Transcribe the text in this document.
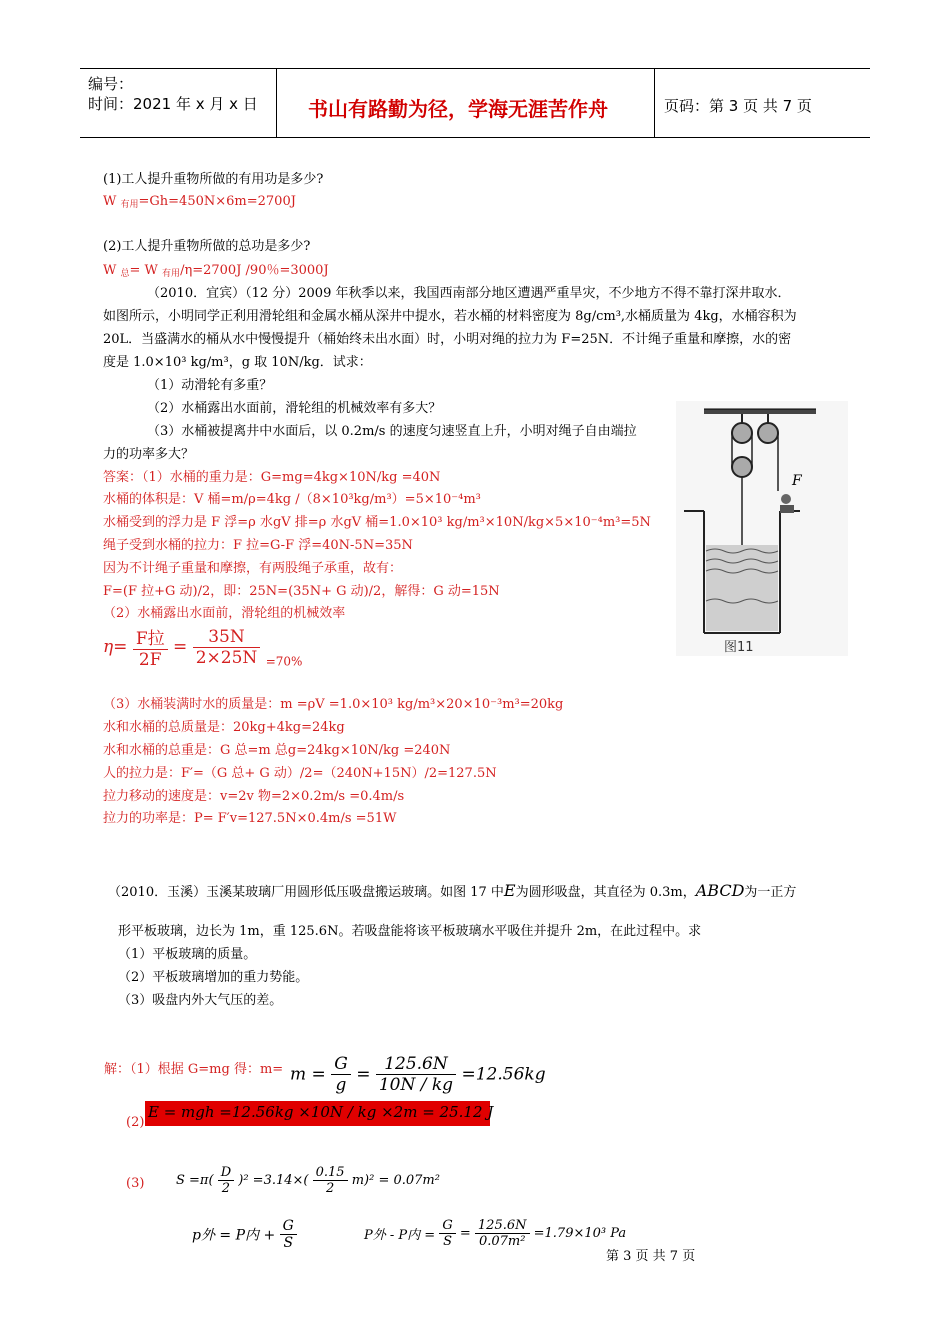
编号：
时间：2021 年 x 月 x 日	书山有路勤为径，学海无涯苦作舟	页码：第 3 页 共 7 页
(1)工人提升重物所做的有用功是多少?
W 有用=Gh=450N×6m=2700J
(2)工人提升重物所做的总功是多少?
W 总= W 有用/η=2700J /90％=3000J
（2010．宜宾）（12 分）2009 年秋季以来，我国西南部分地区遭遇严重旱灾，不少地方不得不靠打深井取水．
如图所示，小明同学正利用滑轮组和金属水桶从深井中提水，若水桶的材料密度为 8g/cm³,水桶质量为 4kg，水桶容积为
20L．当盛满水的桶从水中慢慢提升（桶始终未出水面）时，小明对绳的拉力为 F=25N．不计绳子重量和摩擦，水的密
度是 1.0×10³ kg/m³，g 取 10N/kg．试求：
（1）动滑轮有多重？
（2）水桶露出水面前，滑轮组的机械效率有多大？
（3）水桶被提离井中水面后，以 0.2m/s 的速度匀速竖直上升，小明对绳子自由端拉
力的功率多大？
答案：（1）水桶的重力是：G=mg=4kg×10N/kg =40N
水桶的体积是：V 桶=m/ρ=4kg /（8×10³kg/m³）=5×10⁻⁴m³
水桶受到的浮力是 F 浮=ρ 水gV 排=ρ 水gV 桶=1.0×10³ kg/m³×10N/kg×5×10⁻⁴m³=5N
绳子受到水桶的拉力：F 拉=G-F 浮=40N-5N=35N
因为不计绳子重量和摩擦，有两股绳子承重，故有：
F=(F 拉+G 动)/2，即：25N=(35N+ G 动)/2，解得：G 动=15N
（2）水桶露出水面前，滑轮组的机械效率
$\eta= \frac{\text{F拉}}{2F} = \frac{35N}{2\times 25N} _{=70\%}$
（3）水桶装满时水的质量是：m =ρV =1.0×10³ kg/m³×20×10⁻³m³=20kg
水和水桶的总质量是：20kg+4kg=24kg
水和水桶的总重是：G 总=m 总g=24kg×10N/kg =240N
人的拉力是：F′=（G 总+ G 动）/2=（240N+15N）/2=127.5N
拉力移动的速度是：v=2v 物=2×0.2m/s =0.4m/s
拉力的功率是：P= F′v=127.5N×0.4m/s =51W
F
图11
（2010．玉溪）玉溪某玻璃厂用圆形低压吸盘搬运玻璃。如图 17 中E为圆形吸盘，其直径为 0.3m，ABCD为一正方
形平板玻璃，边长为 1m，重 125.6N。若吸盘能将该平板玻璃水平吸住并提升 2m，在此过程中。求
（1）平板玻璃的质量。
（2）平板玻璃增加的重力势能。
（3）吸盘内外大气压的差。
解：（1）根据 G=mg 得：$m= m = \frac{G}{g} = \frac{125.6N}{10N / kg} =12.56kg$
(2)
E = mgh =12.56kg ×10N / kg ×2m = 25.12 J
(3) $S =\pi( \frac{D}{2} )^2 =3.14\times( \frac{0.15}{2} m)^2 = 0.07m^2$
p外 = P内 + $\frac{G}{S}$	P外 - P内 = $\frac{G}{S} = \frac{125.6N}{\text{0.07m²}} =1.79\times 10^3$ Pa
第 3 页 共 7 页
